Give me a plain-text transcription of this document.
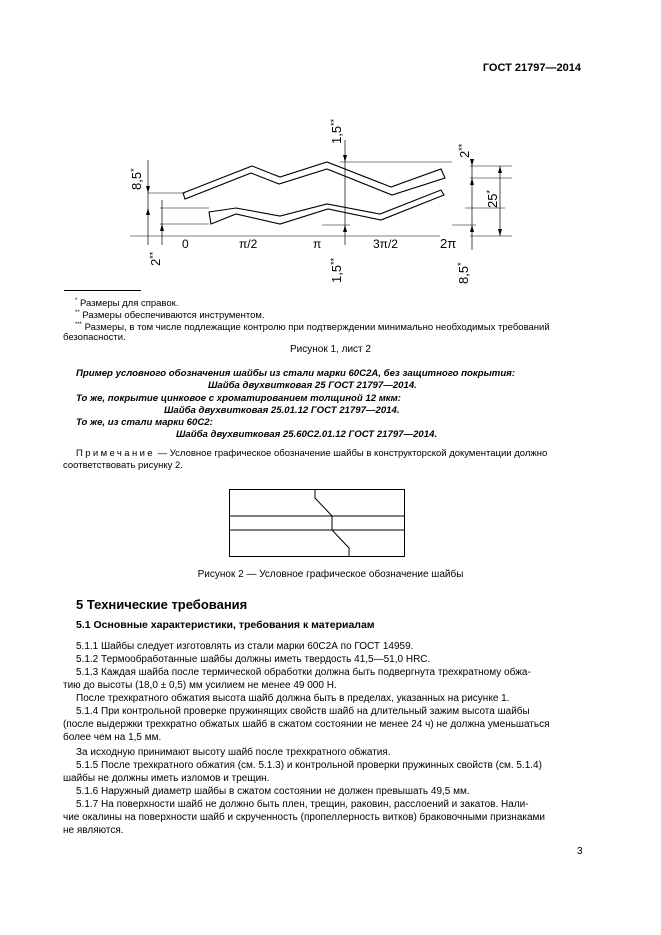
ГОСТ 21797—2014
1,5**
8,5*
2**
1,5**
2**
25*
8,5*
0	π/2	π	3π/2	2π
* Размеры для справок.
** Размеры обеспечиваются инструментом.
*** Размеры, в том числе подлежащие контролю при подтверждении минимально необходимых требований
безопасности.
Рисунок 1, лист 2
Пример условного обозначения шайбы из стали марки 60С2А, без защитного покрытия:
Шайба двухвитковая 25 ГОСТ 21797—2014.
То же, покрытие цинковое с хроматированием толщиной 12 мкм:
Шайба двухвитковая 25.01.12 ГОСТ 21797—2014.
То же, из стали марки 60С2:
Шайба двухвитковая 25.60С2.01.12 ГОСТ 21797—2014.
Примечание — Условное графическое обозначение шайбы в конструкторской документации должно
соответствовать рисунку 2.
Рисунок 2 — Условное графическое обозначение шайбы
5 Технические требования
5.1 Основные характеристики, требования к материалам
5.1.1 Шайбы следует изготовлять из стали марки 60С2А по ГОСТ 14959.
5.1.2 Термообработанные шайбы должны иметь твердость 41,5—51,0 HRC.
5.1.3 Каждая шайба после термической обработки должна быть подвергнута трехкратному обжа-
тию до высоты (18,0 ± 0,5) мм усилием не менее 49 000 Н.
После трехкратного обжатия высота шайб должна быть в пределах, указанных на рисунке 1.
5.1.4 При контрольной проверке пружинящих свойств шайб на длительный зажим высота шайбы
(после выдержки трехкратно обжатых шайб в сжатом состоянии не менее 24 ч) не должна уменьшаться
более чем на 1,5 мм.
За исходную принимают высоту шайб после трехкратного обжатия.
5.1.5 После трехкратного обжатия (см. 5.1.3) и контрольной проверки пружинных свойств (см. 5.1.4)
шайбы не должны иметь изломов и трещин.
5.1.6 Наружный диаметр шайбы в сжатом состоянии не должен превышать 49,5 мм.
5.1.7 На поверхности шайб не должно быть плен, трещин, раковин, расслоений и закатов. Нали-
чие окалины на поверхности шайб и скрученность (пропеллерность витков) браковочными признаками
не являются.
3
